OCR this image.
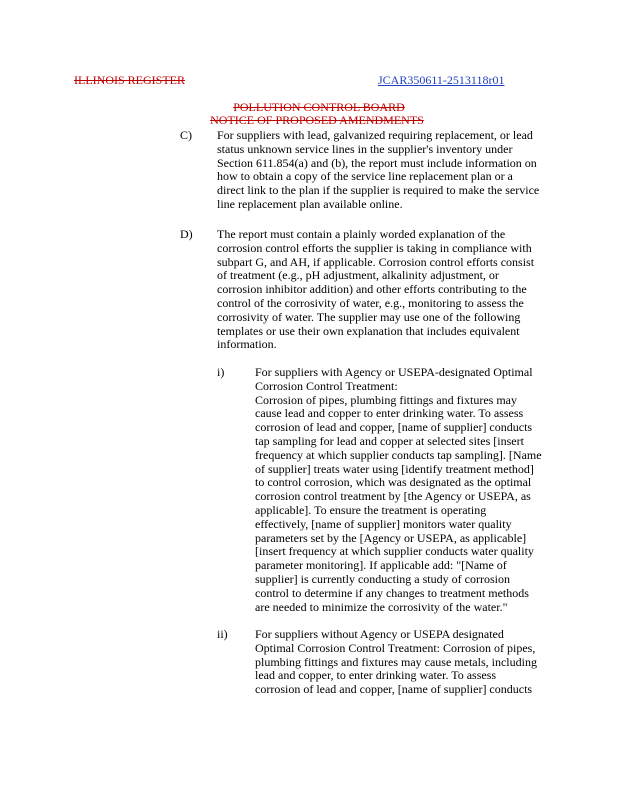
ILLINOIS REGISTER	JCAR350611-2513118r01
POLLUTION CONTROL BOARD
NOTICE OF PROPOSED AMENDMENTS
C) For suppliers with lead, galvanized requiring replacement, or lead
status unknown service lines in the supplier's inventory under
Section 611.854(a) and (b), the report must include information on
how to obtain a copy of the service line replacement plan or a
direct link to the plan if the supplier is required to make the service
line replacement plan available online.
D) The report must contain a plainly worded explanation of the
corrosion control efforts the supplier is taking in compliance with
subpart G, and AH, if applicable. Corrosion control efforts consist
of treatment (e.g., pH adjustment, alkalinity adjustment, or
corrosion inhibitor addition) and other efforts contributing to the
control of the corrosivity of water, e.g., monitoring to assess the
corrosivity of water. The supplier may use one of the following
templates or use their own explanation that includes equivalent
information.
i)	For suppliers with Agency or USEPA-designated Optimal
Corrosion Control Treatment:
Corrosion of pipes, plumbing fittings and fixtures may
cause lead and copper to enter drinking water. To assess
corrosion of lead and copper, [name of supplier] conducts
tap sampling for lead and copper at selected sites [insert
frequency at which supplier conducts tap sampling]. [Name
of supplier] treats water using [identify treatment method]
to control corrosion, which was designated as the optimal
corrosion control treatment by [the Agency or USEPA, as
applicable]. To ensure the treatment is operating
effectively, [name of supplier] monitors water quality
parameters set by the [Agency or USEPA, as applicable]
[insert frequency at which supplier conducts water quality
parameter monitoring]. If applicable add: "[Name of
supplier] is currently conducting a study of corrosion
control to determine if any changes to treatment methods
are needed to minimize the corrosivity of the water."
ii) For suppliers without Agency or USEPA designated
Optimal Corrosion Control Treatment: Corrosion of pipes,
plumbing fittings and fixtures may cause metals, including
lead and copper, to enter drinking water. To assess
corrosion of lead and copper, [name of supplier] conducts
